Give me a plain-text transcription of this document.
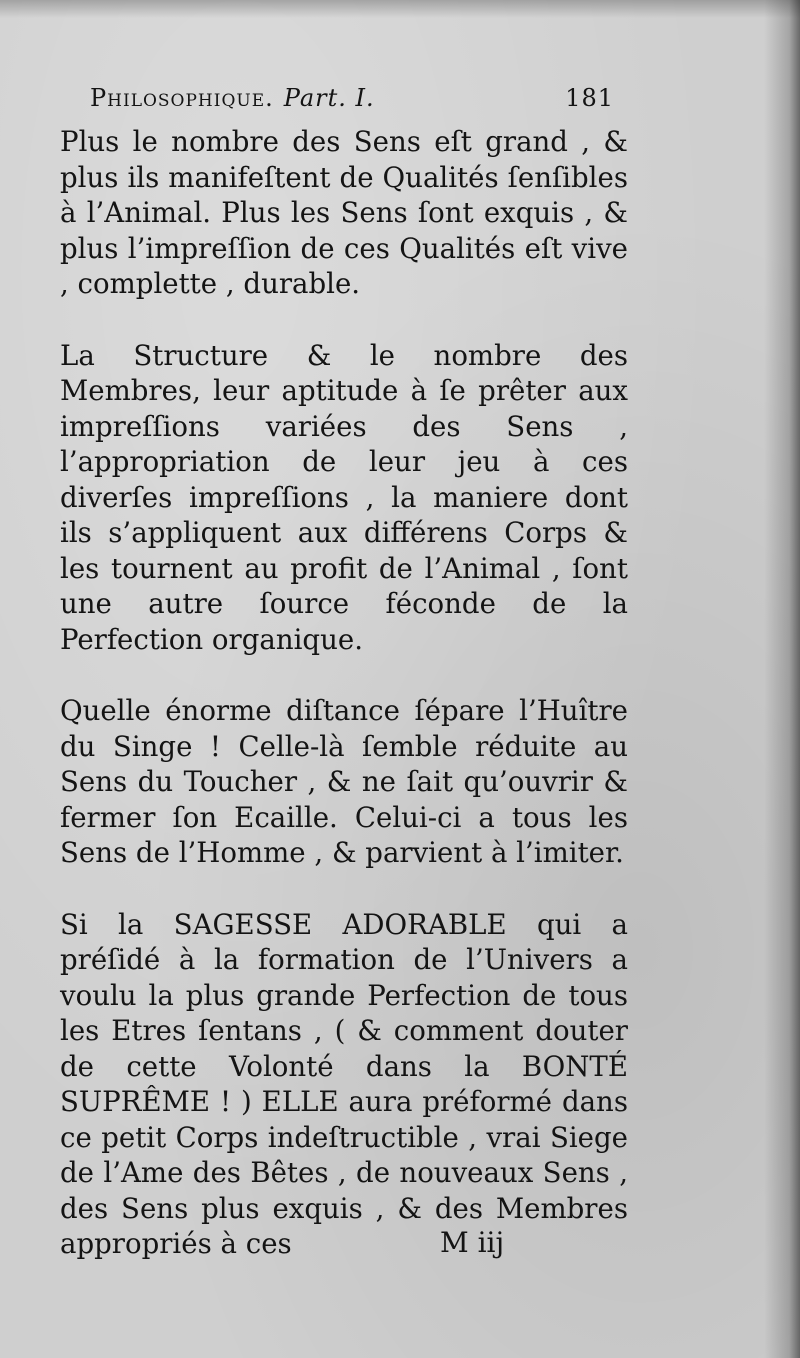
Philosophique. Part. I.	181

Plus le nombre des Sens eſt grand , & plus ils manifeſtent de Qualités ſenſibles à l’Animal. Plus les Sens ſont exquis , & plus l’impreſſion de ces Qualités eſt vive , complette , durable.

La Structure & le nombre des Membres, leur aptitude à ſe prêter aux impreſſions variées des Sens , l’appropriation de leur jeu à ces diverſes impreſſions , la maniere dont ils s’appliquent aux différens Corps & les tournent au profit de l’Animal , ſont une autre ſource féconde de la Perfection organique.

Quelle énorme diſtance ſépare l’Huître du Singe ! Celle-là ſemble réduite au Sens du Toucher , & ne ſait qu’ouvrir & fermer ſon Ecaille. Celui-ci a tous les Sens de l’Homme , & parvient à l’imiter.

Si la SAGESSE ADORABLE qui a préſidé à la formation de l’Univers a voulu la plus grande Perfection de tous les Etres ſentans , ( & comment douter de cette Volonté dans la BONTÉ SUPRÊME ! ) ELLE aura préformé dans ce petit Corps indeſtructible , vrai Siege de l’Ame des Bêtes , de nouveaux Sens , des Sens plus exquis , & des Membres appropriés à ces	M iij
